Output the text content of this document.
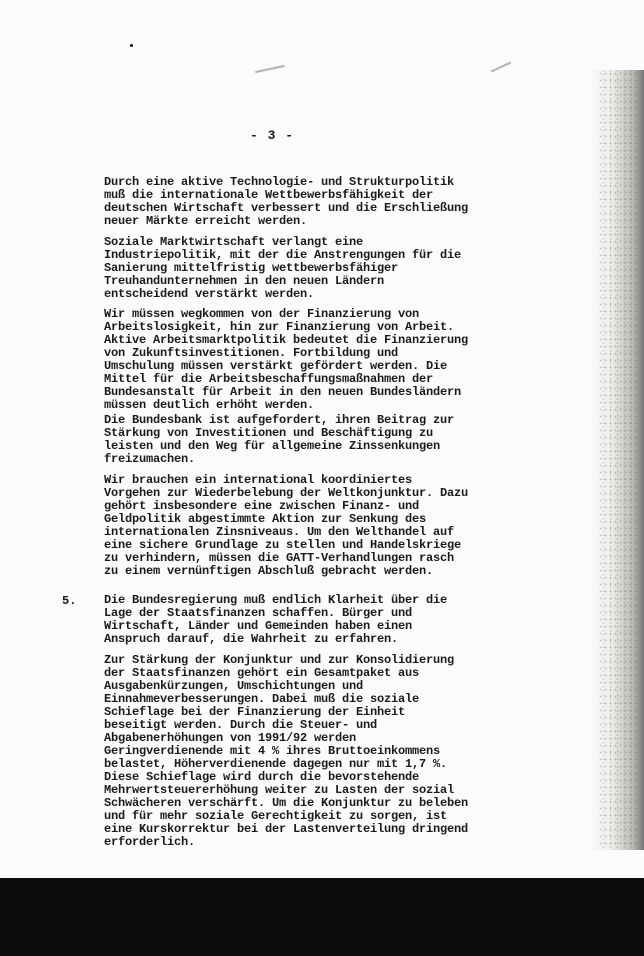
- 3 -
Durch eine aktive Technologie- und Strukturpolitik
muß die internationale Wettbewerbsfähigkeit der
deutschen Wirtschaft verbessert und die Erschließung
neuer Märkte erreicht werden.
Soziale Marktwirtschaft verlangt eine
Industriepolitik, mit der die Anstrengungen für die
Sanierung mittelfristig wettbewerbsfähiger
Treuhandunternehmen in den neuen Ländern
entscheidend verstärkt werden.
Wir müssen wegkommen von der Finanzierung von
Arbeitslosigkeit, hin zur Finanzierung von Arbeit.
Aktive Arbeitsmarktpolitik bedeutet die Finanzierung
von Zukunftsinvestitionen. Fortbildung und
Umschulung müssen verstärkt gefördert werden. Die
Mittel für die Arbeitsbeschaffungsmaßnahmen der
Bundesanstalt für Arbeit in den neuen Bundesländern
müssen deutlich erhöht werden.
Die Bundesbank ist aufgefordert, ihren Beitrag zur
Stärkung von Investitionen und Beschäftigung zu
leisten und den Weg für allgemeine Zinssenkungen
freizumachen.
Wir brauchen ein international koordiniertes
Vorgehen zur Wiederbelebung der Weltkonjunktur. Dazu
gehört insbesondere eine zwischen Finanz- und
Geldpolitik abgestimmte Aktion zur Senkung des
internationalen Zinsniveaus. Um den Welthandel auf
eine sichere Grundlage zu stellen und Handelskriege
zu verhindern, müssen die GATT-Verhandlungen rasch
zu einem vernünftigen Abschluß gebracht werden.
5. Die Bundesregierung muß endlich Klarheit über die
Lage der Staatsfinanzen schaffen. Bürger und
Wirtschaft, Länder und Gemeinden haben einen
Anspruch darauf, die Wahrheit zu erfahren.
Zur Stärkung der Konjunktur und zur Konsolidierung
der Staatsfinanzen gehört ein Gesamtpaket aus
Ausgabenkürzungen, Umschichtungen und
Einnahmeverbesserungen. Dabei muß die soziale
Schieflage bei der Finanzierung der Einheit
beseitigt werden. Durch die Steuer- und
Abgabenerhöhungen von 1991/92 werden
Geringverdienende mit 4 % ihres Bruttoeinkommens
belastet, Höherverdienende dagegen nur mit 1,7 %.
Diese Schieflage wird durch die bevorstehende
Mehrwertsteuererhöhung weiter zu Lasten der sozial
Schwächeren verschärft. Um die Konjunktur zu beleben
und für mehr soziale Gerechtigkeit zu sorgen, ist
eine Kurskorrektur bei der Lastenverteilung dringend
erforderlich.
